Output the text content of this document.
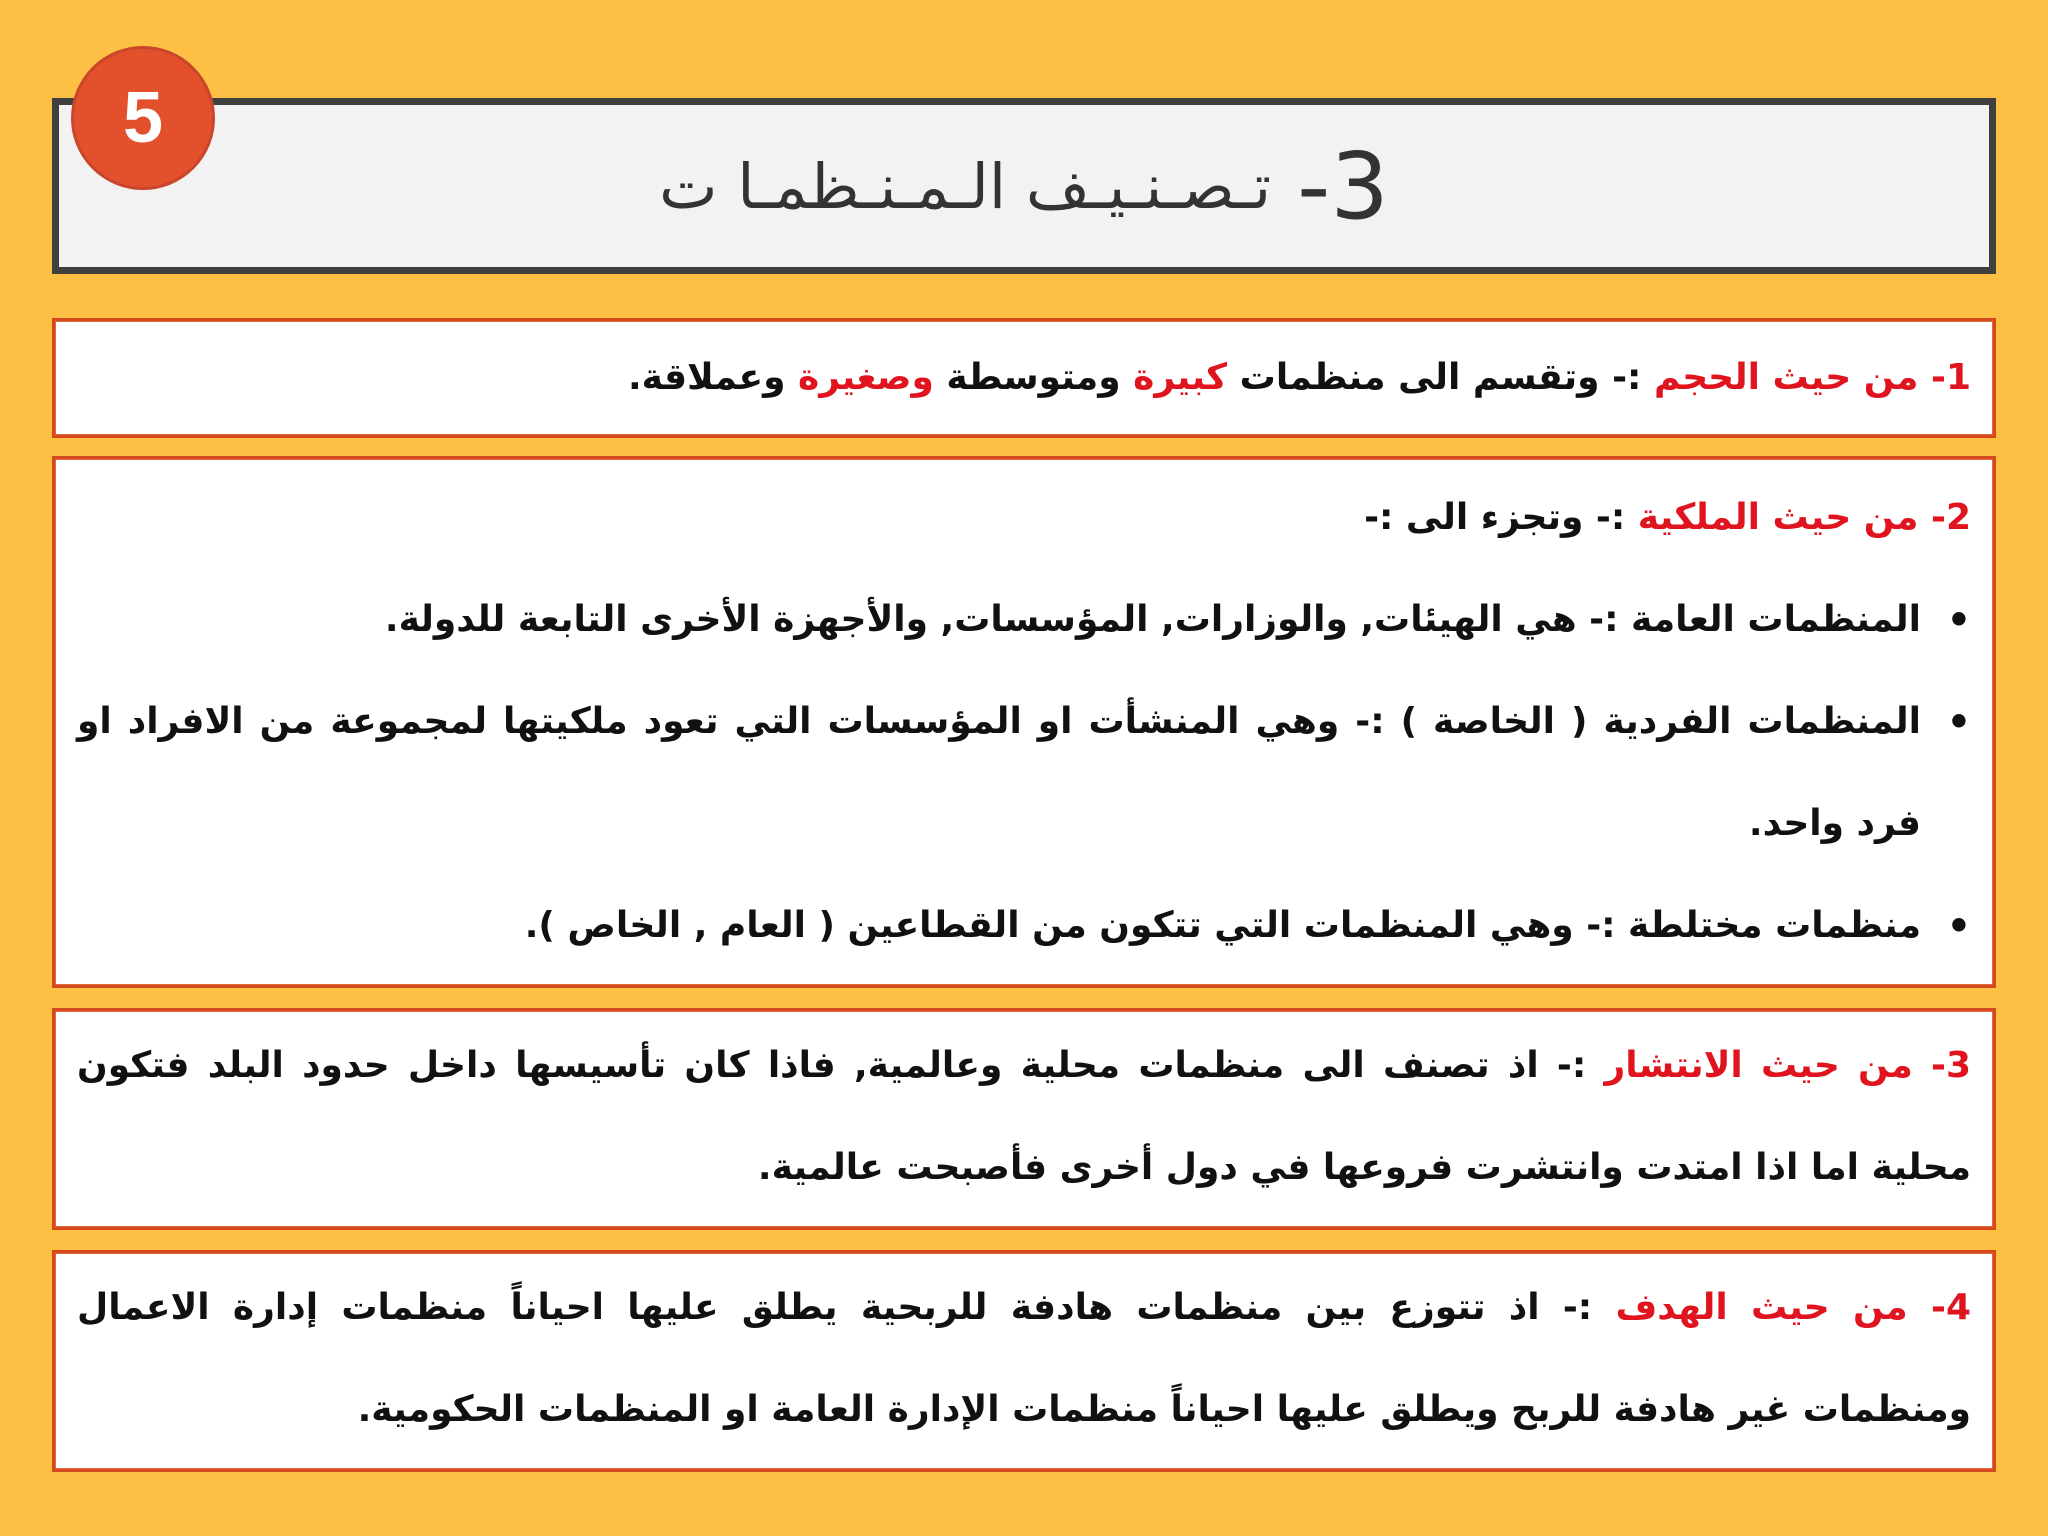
3-
تـصـنـيـف الـمـنـظمـا ت
5
1- من حيث الحجم :- وتقسم الى منظمات كبيرة ومتوسطة وصغيرة وعملاقة.
2- من حيث الملكية :- وتجزء الى :-
• المنظمات العامة :- هي الهيئات, والوزارات, المؤسسات, والأجهزة الأخرى التابعة للدولة.
• المنظمات الفردية ( الخاصة ) :- وهي المنشأت او المؤسسات التي تعود ملكيتها لمجموعة من الافراد او فرد واحد.
• منظمات مختلطة :- وهي المنظمات التي تتكون من القطاعين ( العام , الخاص ).
3- من حيث الانتشار :- اذ تصنف الى منظمات محلية وعالمية, فاذا كان تأسيسها داخل حدود البلد فتكون محلية اما اذا امتدت وانتشرت فروعها في دول أخرى فأصبحت عالمية.
4- من حيث الهدف :- اذ تتوزع بين منظمات هادفة للربحية يطلق عليها احياناً منظمات إدارة الاعمال ومنظمات غير هادفة للربح ويطلق عليها احياناً منظمات الإدارة العامة او المنظمات الحكومية.
